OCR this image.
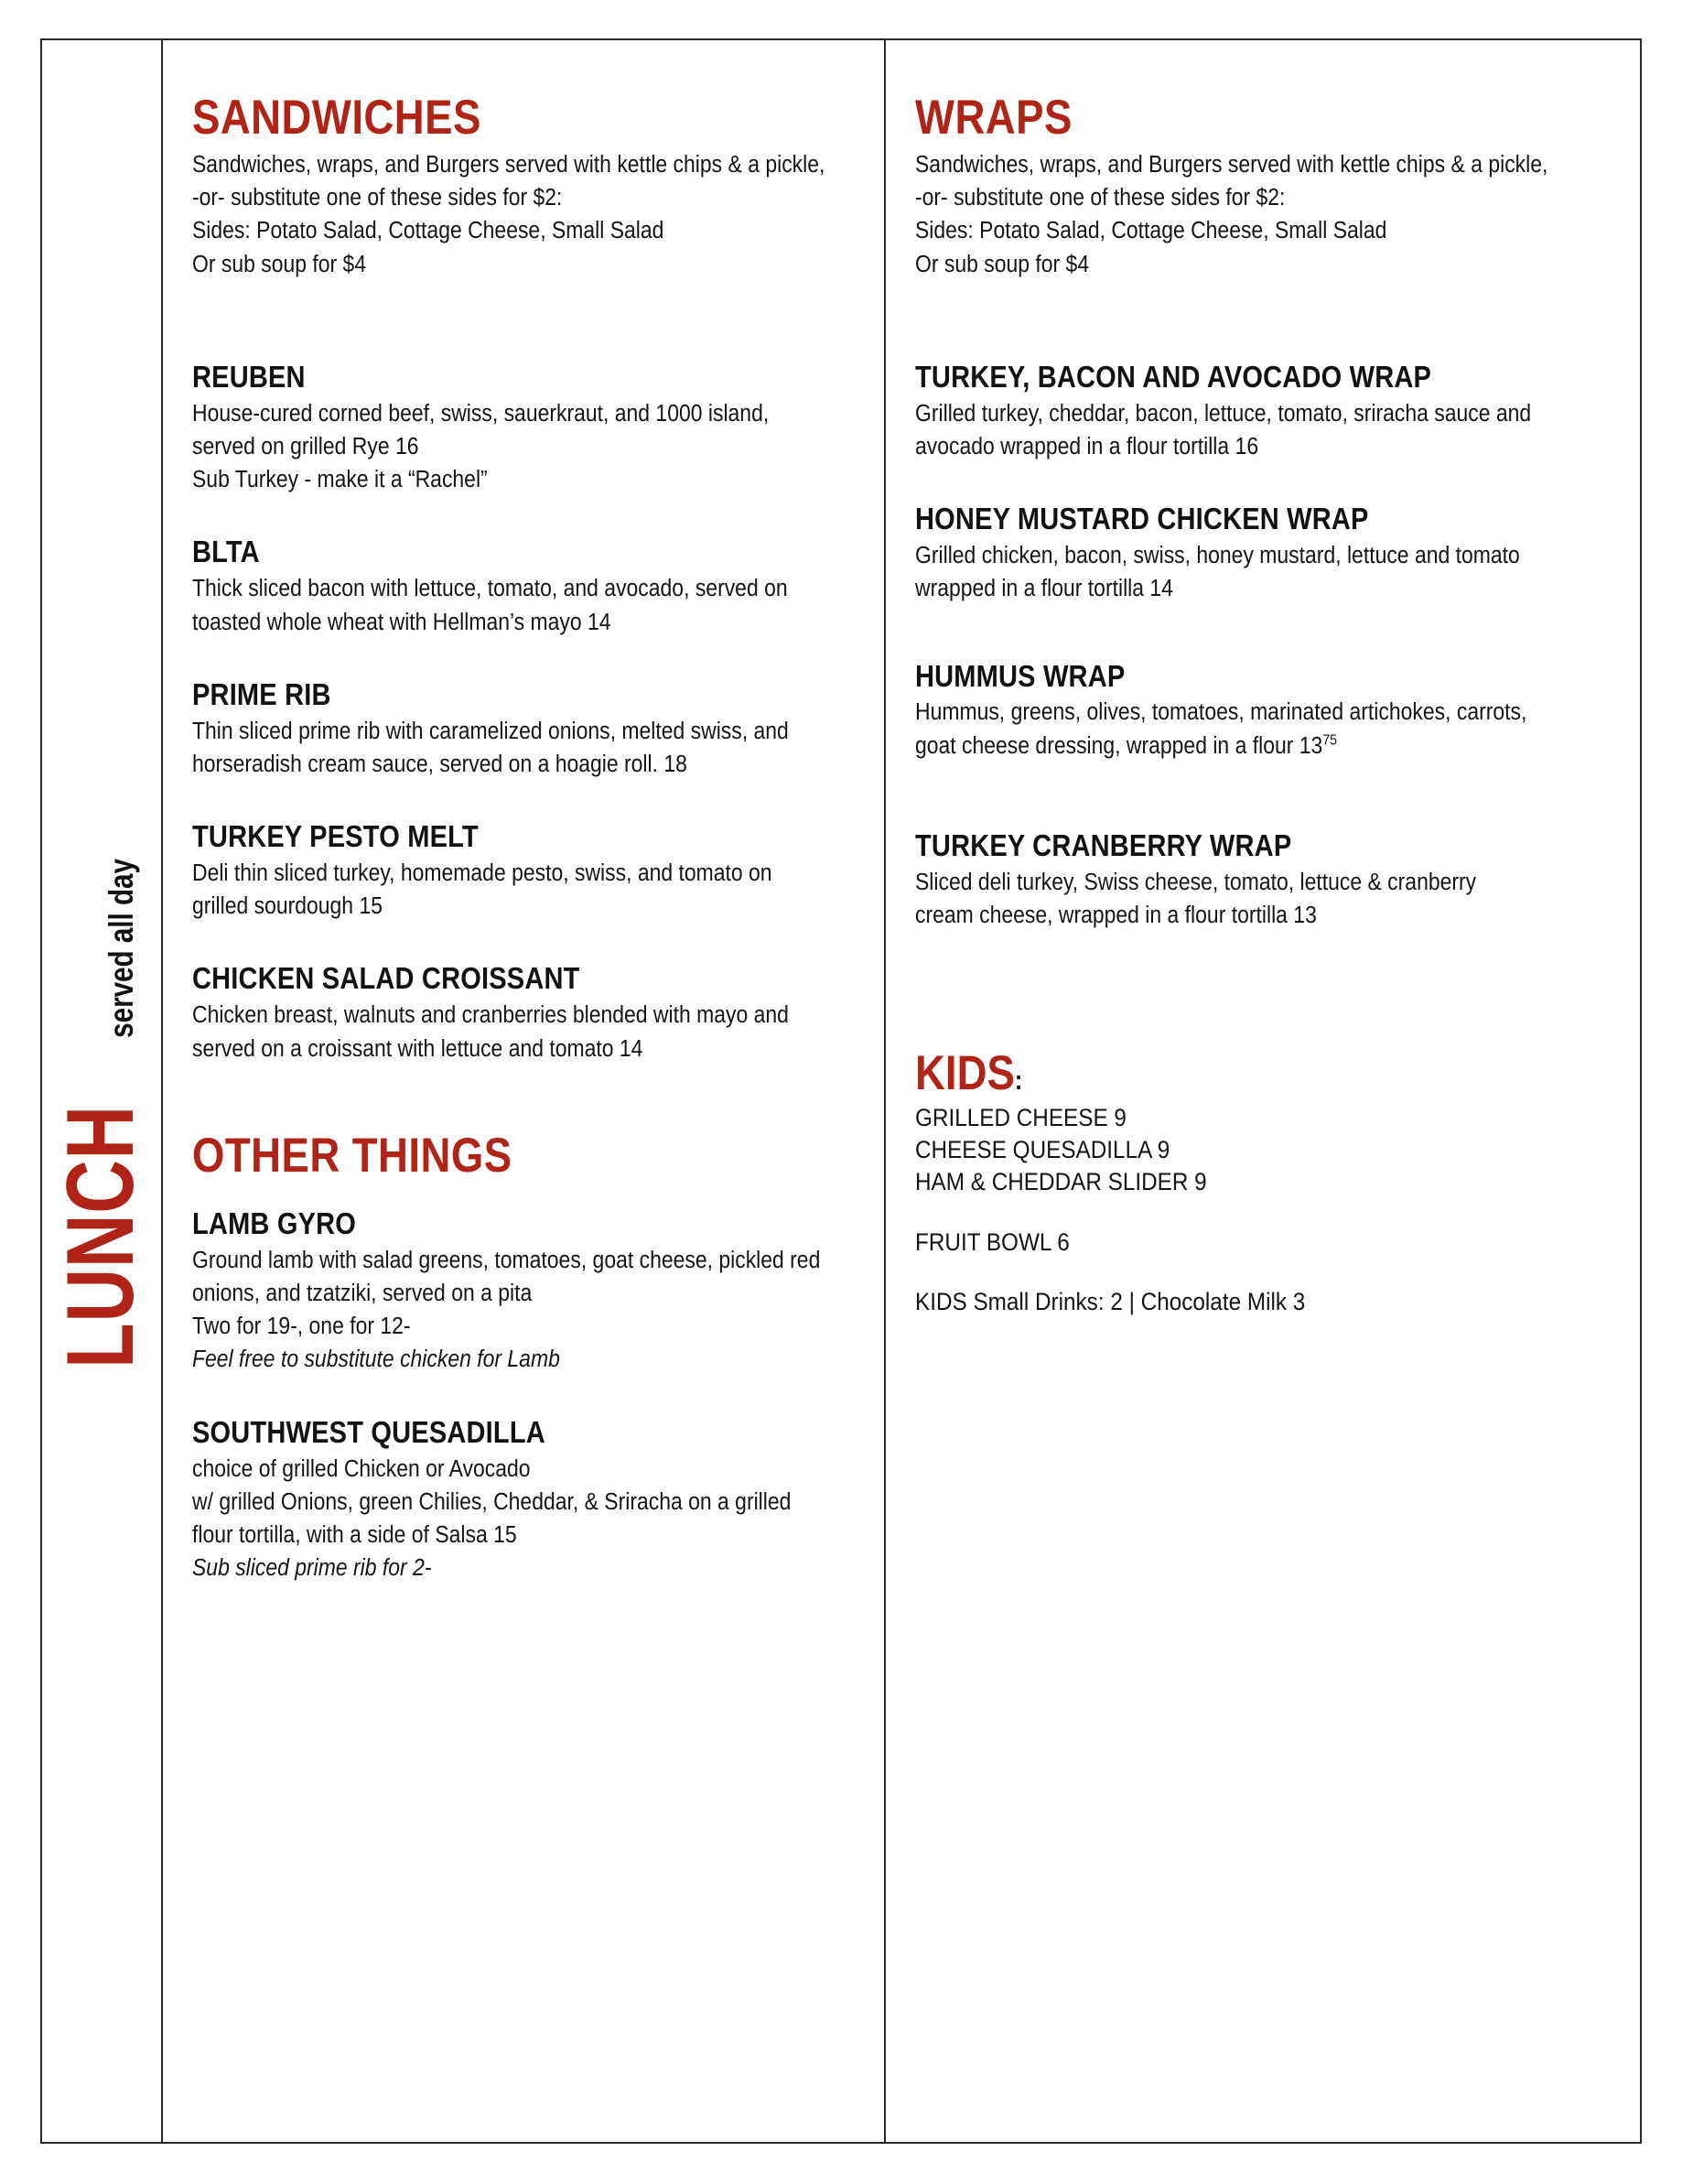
LUNCH
served all day
SANDWICHES
Sandwiches, wraps, and Burgers served with kettle chips & a pickle,
-or- substitute one of these sides for $2:
Sides: Potato Salad, Cottage Cheese, Small Salad
Or sub soup for $4
REUBEN
House-cured corned beef, swiss, sauerkraut, and 1000 island,
served on grilled Rye 16
Sub Turkey - make it a “Rachel”
BLTA
Thick sliced bacon with lettuce, tomato, and avocado, served on
toasted whole wheat with Hellman’s mayo 14
PRIME RIB
Thin sliced prime rib with caramelized onions, melted swiss, and
horseradish cream sauce, served on a hoagie roll. 18
TURKEY PESTO MELT
Deli thin sliced turkey, homemade pesto, swiss, and tomato on
grilled sourdough 15
CHICKEN SALAD CROISSANT
Chicken breast, walnuts and cranberries blended with mayo and
served on a croissant with lettuce and tomato 14
OTHER THINGS
LAMB GYRO
Ground lamb with salad greens, tomatoes, goat cheese, pickled red
onions, and tzatziki, served on a pita
Two for 19-, one for 12-
Feel free to substitute chicken for Lamb
SOUTHWEST QUESADILLA
choice of grilled Chicken or Avocado
w/ grilled Onions, green Chilies, Cheddar, & Sriracha on a grilled
flour tortilla, with a side of Salsa 15
Sub sliced prime rib for 2-
WRAPS
Sandwiches, wraps, and Burgers served with kettle chips & a pickle,
-or- substitute one of these sides for $2:
Sides: Potato Salad, Cottage Cheese, Small Salad
Or sub soup for $4
TURKEY, BACON AND AVOCADO WRAP
Grilled turkey, cheddar, bacon, lettuce, tomato, sriracha sauce and
avocado wrapped in a flour tortilla 16
HONEY MUSTARD CHICKEN WRAP
Grilled chicken, bacon, swiss, honey mustard, lettuce and tomato
wrapped in a flour tortilla 14
HUMMUS WRAP
Hummus, greens, olives, tomatoes, marinated artichokes, carrots,
goat cheese dressing, wrapped in a flour $13^{75}$
TURKEY CRANBERRY WRAP
Sliced deli turkey, Swiss cheese, tomato, lettuce & cranberry
cream cheese, wrapped in a flour tortilla 13
KIDS:
GRILLED CHEESE 9
CHEESE QUESADILLA 9
HAM & CHEDDAR SLIDER 9
FRUIT BOWL 6
KIDS Small Drinks: 2 | Chocolate Milk 3
